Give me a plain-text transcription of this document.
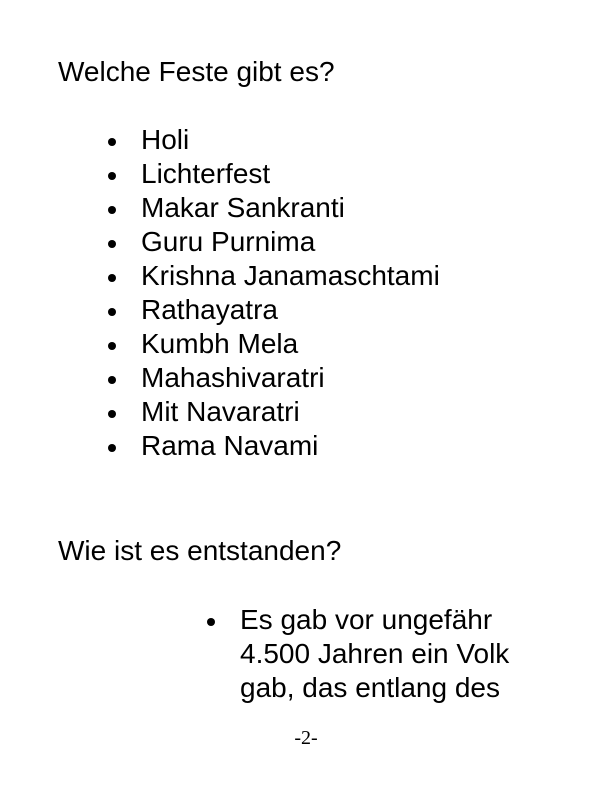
Welche Feste gibt es?
Holi
Lichterfest
Makar Sankranti
Guru Purnima
Krishna Janamaschtami
Rathayatra
Kumbh Mela
Mahashivaratri
Mit Navaratri
Rama Navami
Wie ist es entstanden?
Es gab vor ungefähr
4.500 Jahren ein Volk
gab, das entlang des
-2-
